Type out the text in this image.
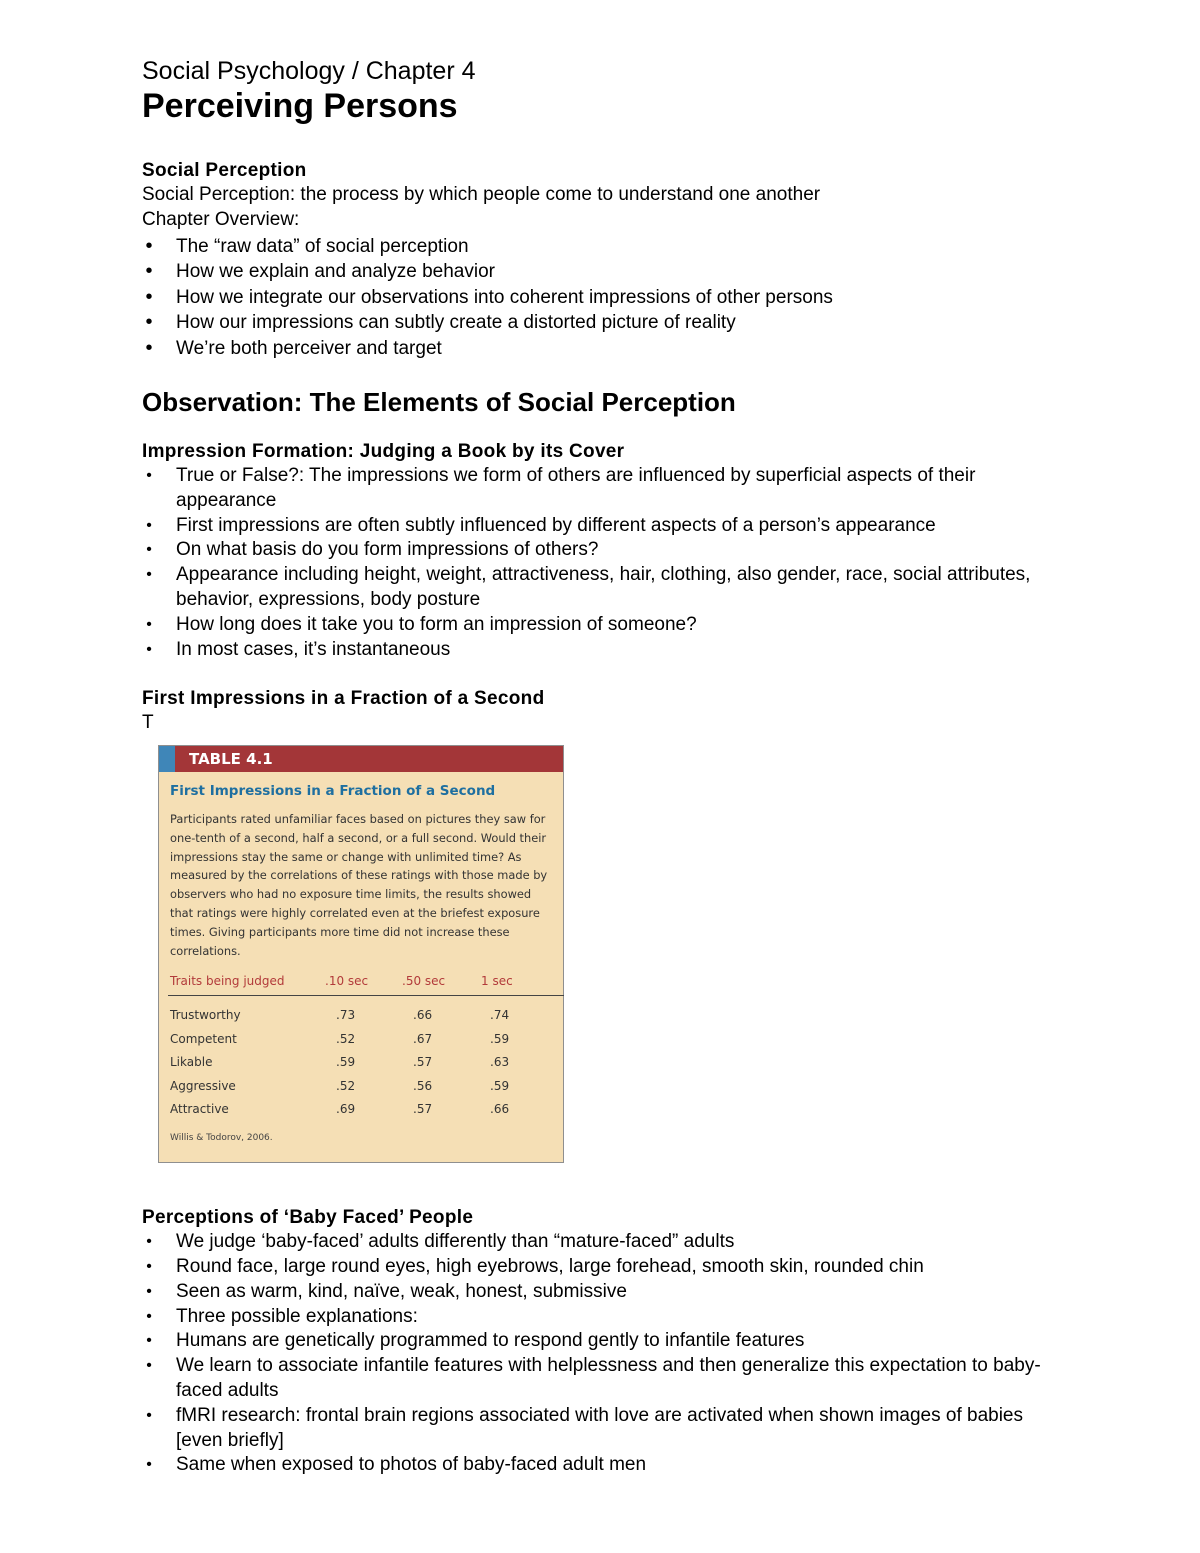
Social Psychology / Chapter 4

Perceiving Persons
Social Perception

Social Perception: the process by which people come to understand one another

Chapter Overview:

• The “raw data” of social perception
• How we explain and analyze behavior
• How we integrate our observations into coherent impressions of other persons
• How our impressions can subtly create a distorted picture of reality
• We’re both perceiver and target
Observation: The Elements of Social Perception
Impression Formation: Judging a Book by its Cover
• True or False?: The impressions we form of others are influenced by superficial aspects of their appearance
• First impressions are often subtly influenced by different aspects of a person’s appearance
• On what basis do you form impressions of others?
• Appearance including height, weight, attractiveness, hair, clothing, also gender, race, social attributes, behavior, expressions, body posture
• How long does it take you to form an impression of someone?
• In most cases, it’s instantaneous
First Impressions in a Fraction of a Second

T

Perceptions of ‘Baby Faced’ People
• We judge ‘baby-faced’ adults differently than “mature-faced” adults
• Round face, large round eyes, high eyebrows, large forehead, smooth skin, rounded chin
• Seen as warm, kind, naïve, weak, honest, submissive
• Three possible explanations:
• Humans are genetically programmed to respond gently to infantile features
• We learn to associate infantile features with helplessness and then generalize this expectation to baby-faced adults
• fMRI research: frontal brain regions associated with love are activated when shown images of babies [even briefly]
• Same when exposed to photos of baby-faced adult men
TABLE 4.1
First Impressions in a Fraction of a Second
Participants rated unfamiliar faces based on pictures they saw for one-tenth of a second, half a second, or a full second. Would their impressions stay the same or change with unlimited time? As measured by the correlations of these ratings with those made by observers who had no exposure time limits, the results showed that ratings were highly correlated even at the briefest exposure times. Giving participants more time did not increase these correlations.
Traits being judged	.10 sec	.50 sec	1 sec
Trustworthy	.73	.66	.74
Competent	.52	.67	.59
Likable	.59	.57	.63
Aggressive	.52	.56	.59
Attractive	.69	.57	.66
Willis & Todorov, 2006.
